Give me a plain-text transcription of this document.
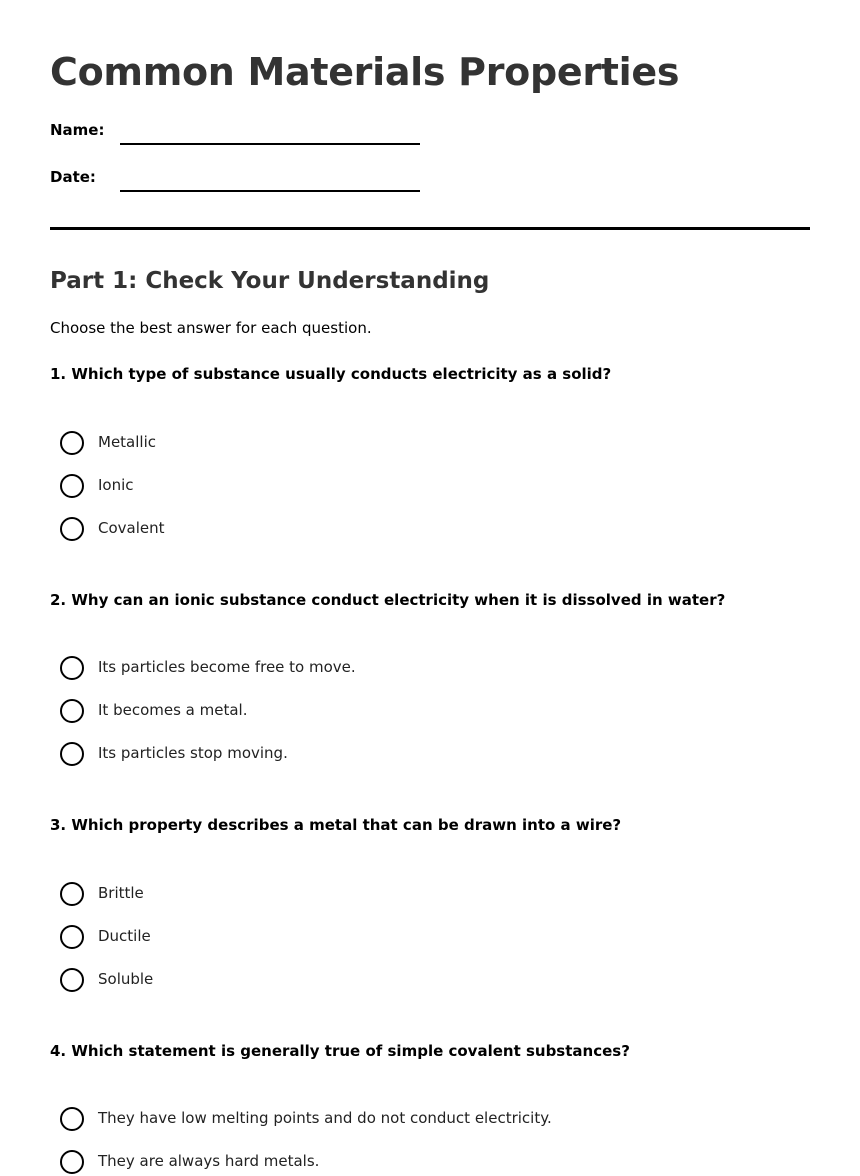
Common Materials Properties
Name:
Date:
Part 1: Check Your Understanding
Choose the best answer for each question.
1. Which type of substance usually conducts electricity as a solid?
Metallic
Ionic
Covalent
2. Why can an ionic substance conduct electricity when it is dissolved in water?
Its particles become free to move.
It becomes a metal.
Its particles stop moving.
3. Which property describes a metal that can be drawn into a wire?
Brittle
Ductile
Soluble
4. Which statement is generally true of simple covalent substances?
They have low melting points and do not conduct electricity.
They are always hard metals.
